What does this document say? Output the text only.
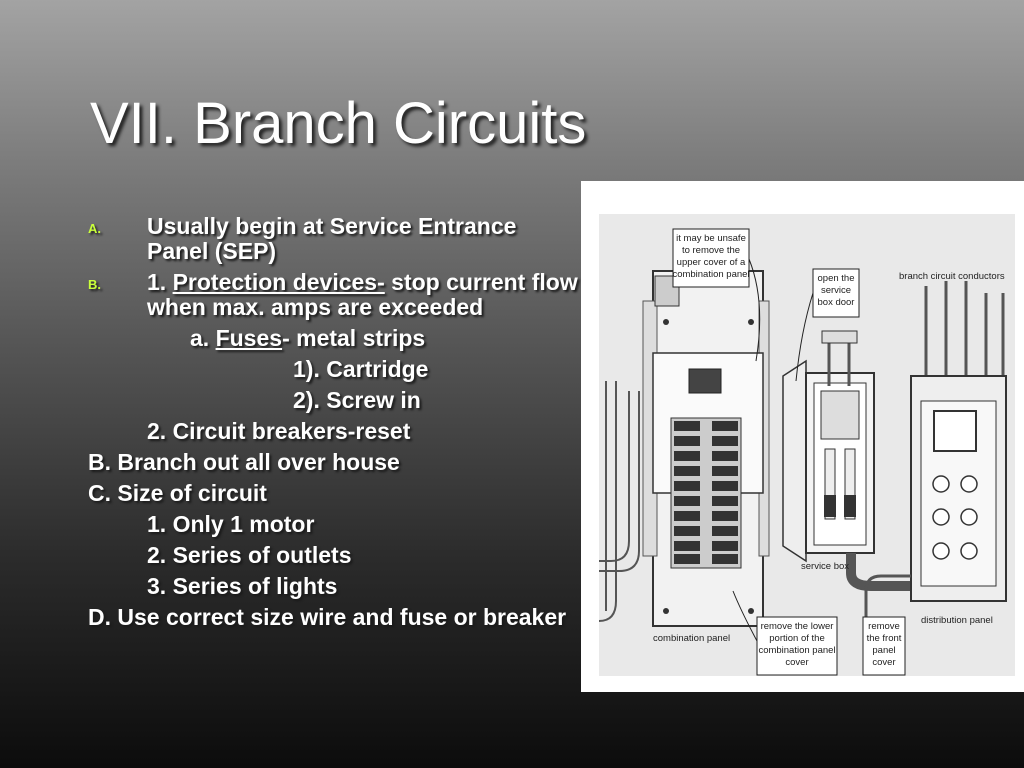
VII. Branch Circuits
A. Usually begin at Service Entrance Panel (SEP)
B. 1. Protection devices- stop current flow when max. amps are exceeded
a. Fuses- metal strips
1). Cartridge
2). Screw in
2. Circuit breakers-reset
B. Branch out all over house
C. Size of circuit
1. Only 1 motor
2. Series of outlets
3. Series of lights
D. Use correct size wire and fuse or breaker
it may be unsafe
to remove the
upper cover of a
combination panel	open the
service
box door
branch circuit conductors
service box
combination panel
remove the lower
portion of the
combination panel
cover
remove
the front
panel
cover
distribution panel
